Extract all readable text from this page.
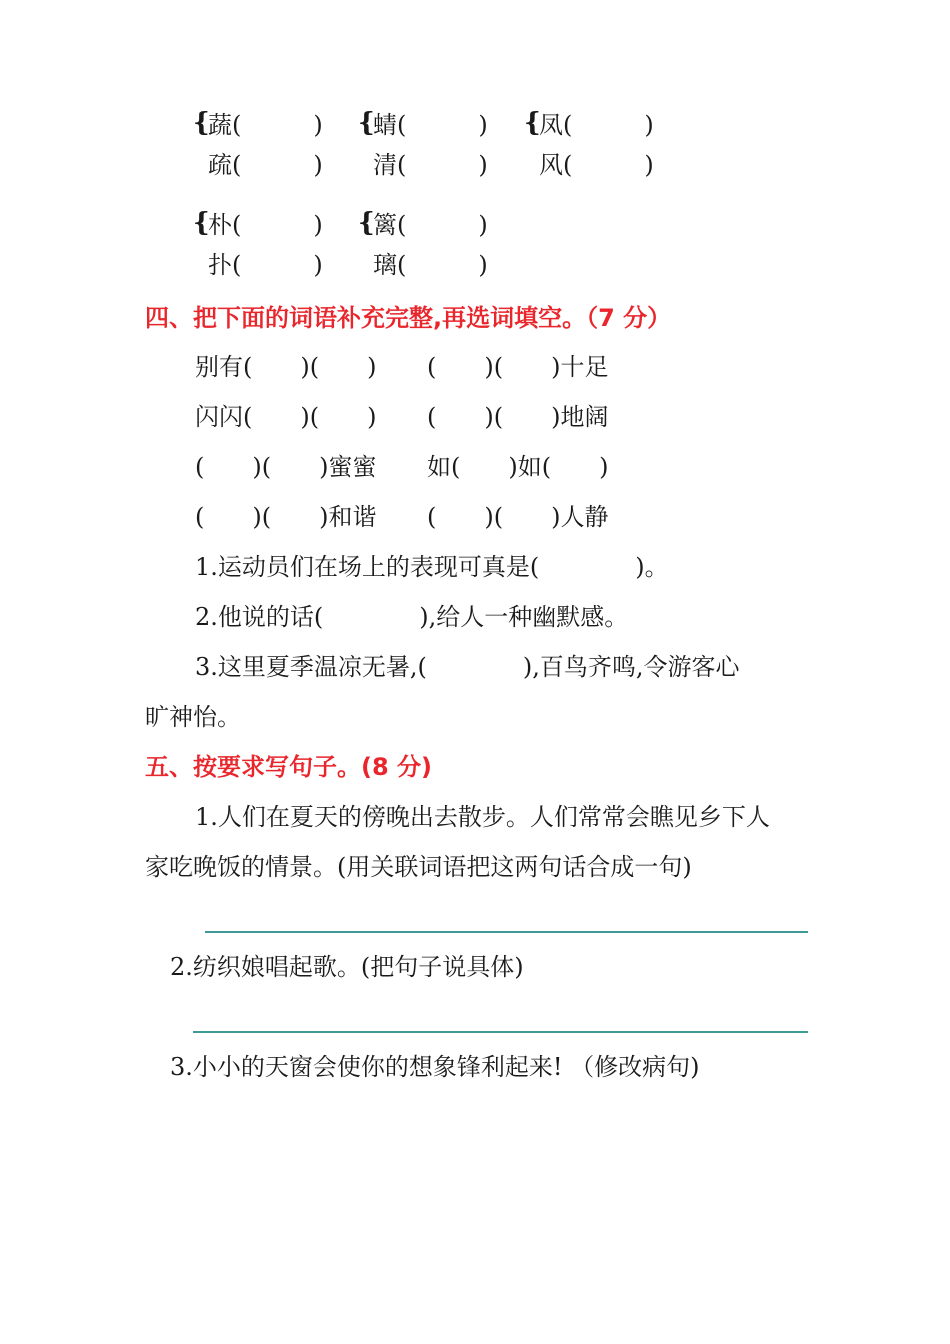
{
蔬(　　　)
疏(　　　)
{
蜻(　　　)
清(　　　)
{
凤(　　　)
风(　　　)
{
朴(　　　)
扑(　　　)
{
篱(　　　)
璃(　　　)
四、把下面的词语补充完整,再选词填空。（7 分）
别有(　　)(　　) (　　)(　　)十足
闪闪(　　)(　　) (　　)(　　)地阔
(　　)(　　)蜜蜜 如(　　)如(　　)
(　　)(　　)和谐 (　　)(　　)人静
1.运动员们在场上的表现可真是(　　　　)。
2.他说的话(　　　　),给人一种幽默感。
3.这里夏季温凉无暑,(　　　　),百鸟齐鸣,令游客心
旷神怡。
五、按要求写句子。(8 分)
1.人们在夏天的傍晚出去散步。人们常常会瞧见乡下人
家吃晚饭的情景。(用关联词语把这两句话合成一句)
2.纺织娘唱起歌。(把句子说具体)
3.小小的天窗会使你的想象锋利起来! （修改病句)
